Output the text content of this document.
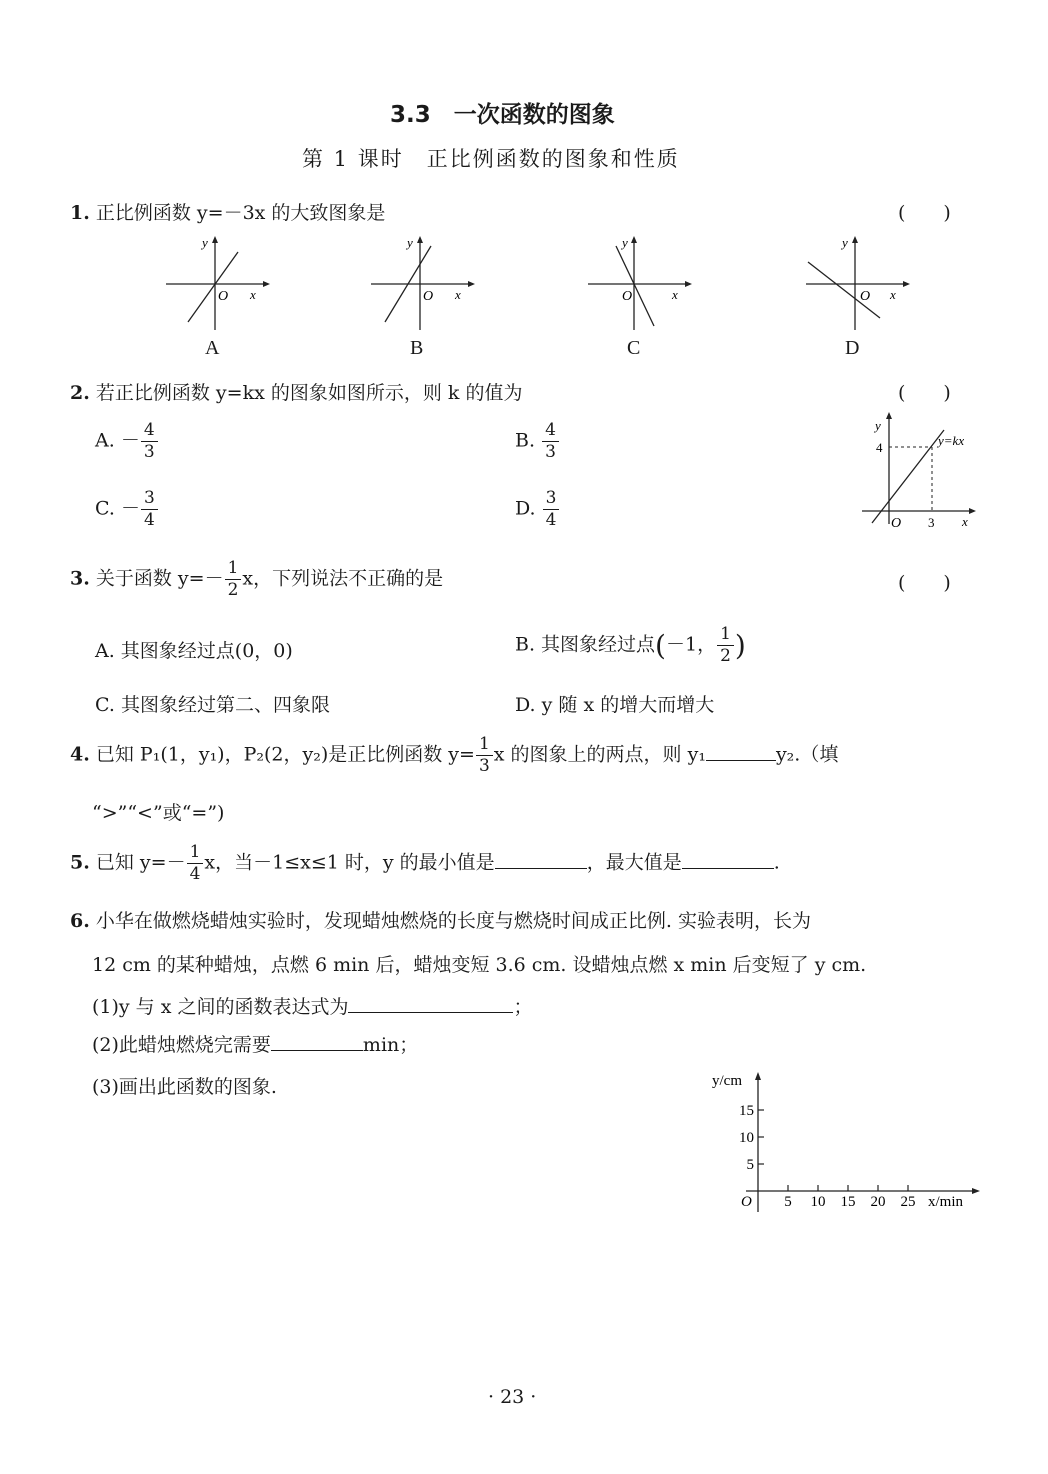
3.3　一次函数的图象
第 1 课时　正比例函数的图象和性质
1. 正比例函数 y=－3x 的大致图象是	(　　)
y
x
O
A
y
x
O
B
y
x
O
C
y
x
O
D
2. 若正比例函数 y=kx 的图象如图所示，则 k 的值为	(　　)
A. － $\frac{4}{3}$	B. $\frac{4}{3}$
C. － $\frac{3}{4}$	D. $\frac{3}{4}$
y
4
3 x
O
y=kx
3. 关于函数 $y=- \frac{1}{2}$ x，下列说法不正确的是	(　　)
A. 其图象经过点(0，0)	B. 其图象经过点(－1， $\frac{1}{2}$ )
C. 其图象经过第二、四象限	D. y 随 x 的增大而增大
4. 已知 P₁(1，y₁)，P₂(2，y₂)是正比例函数 $y= \frac{1}{3}$ x 的图象上的两点，则 y₁	y₂.（填
“>”“<”或“=”)
5. 已知 $y=- \frac{1}{4}$ x，当－1≤x≤1 时，y 的最小值是	，最大值是	.
6. 小华在做燃烧蜡烛实验时，发现蜡烛燃烧的长度与燃烧时间成正比例. 实验表明，长为
12 cm 的某种蜡烛，点燃 6 min 后，蜡烛变短 3.6 cm. 设蜡烛点燃 x min 后变短了 y cm.
(1)y 与 x 之间的函数表达式为	；
(2)此蜡烛燃烧完需要	min；
(3)画出此函数的图象.
5
10
15
5 10 15 20 25
y/cm
x/min
O
· 23 ·
